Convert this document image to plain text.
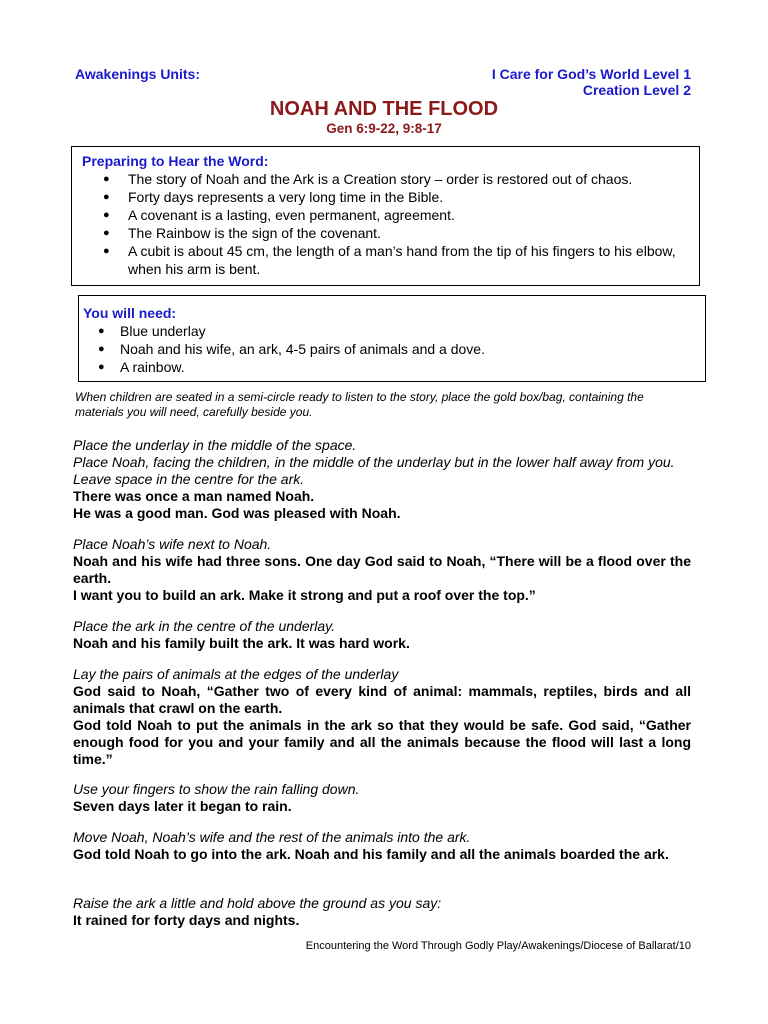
Awakenings Units:	I Care for God’s World Level 1
Creation Level 2
NOAH AND THE FLOOD
Gen 6:9-22, 9:8-17
Preparing to Hear the Word:
● The story of Noah and the Ark is a Creation story – order is restored out of chaos.
● Forty days represents a very long time in the Bible.
● A covenant is a lasting, even permanent, agreement.
● The Rainbow is the sign of the covenant.
● A cubit is about 45 cm, the length of a man’s hand from the tip of his fingers to his elbow, when his arm is bent.
You will need:
● Blue underlay
● Noah and his wife, an ark, 4-5 pairs of animals and a dove.
● A rainbow.
When children are seated in a semi-circle ready to listen to the story, place the gold box/bag, containing the materials you will need, carefully beside you.
Place the underlay in the middle of the space.
Place Noah, facing the children, in the middle of the underlay but in the lower half away from you. Leave space in the centre for the ark.
There was once a man named Noah.
He was a good man. God was pleased with Noah.
Place Noah’s wife next to Noah.
Noah and his wife had three sons. One day God said to Noah, “There will be a flood over the earth.
I want you to build an ark. Make it strong and put a roof over the top.”
Place the ark in the centre of the underlay.
Noah and his family built the ark. It was hard work.
Lay the pairs of animals at the edges of the underlay
God said to Noah, “Gather two of every kind of animal: mammals, reptiles, birds and all animals that crawl on the earth.
God told Noah to put the animals in the ark so that they would be safe. God said, “Gather enough food for you and your family and all the animals because the flood will last a long time.”
Use your fingers to show the rain falling down.
Seven days later it began to rain.
Move Noah, Noah’s wife and the rest of the animals into the ark.
God told Noah to go into the ark. Noah and his family and all the animals boarded the ark.
Raise the ark a little and hold above the ground as you say:
It rained for forty days and nights.
Encountering the Word Through Godly Play/Awakenings/Diocese of Ballarat/10
